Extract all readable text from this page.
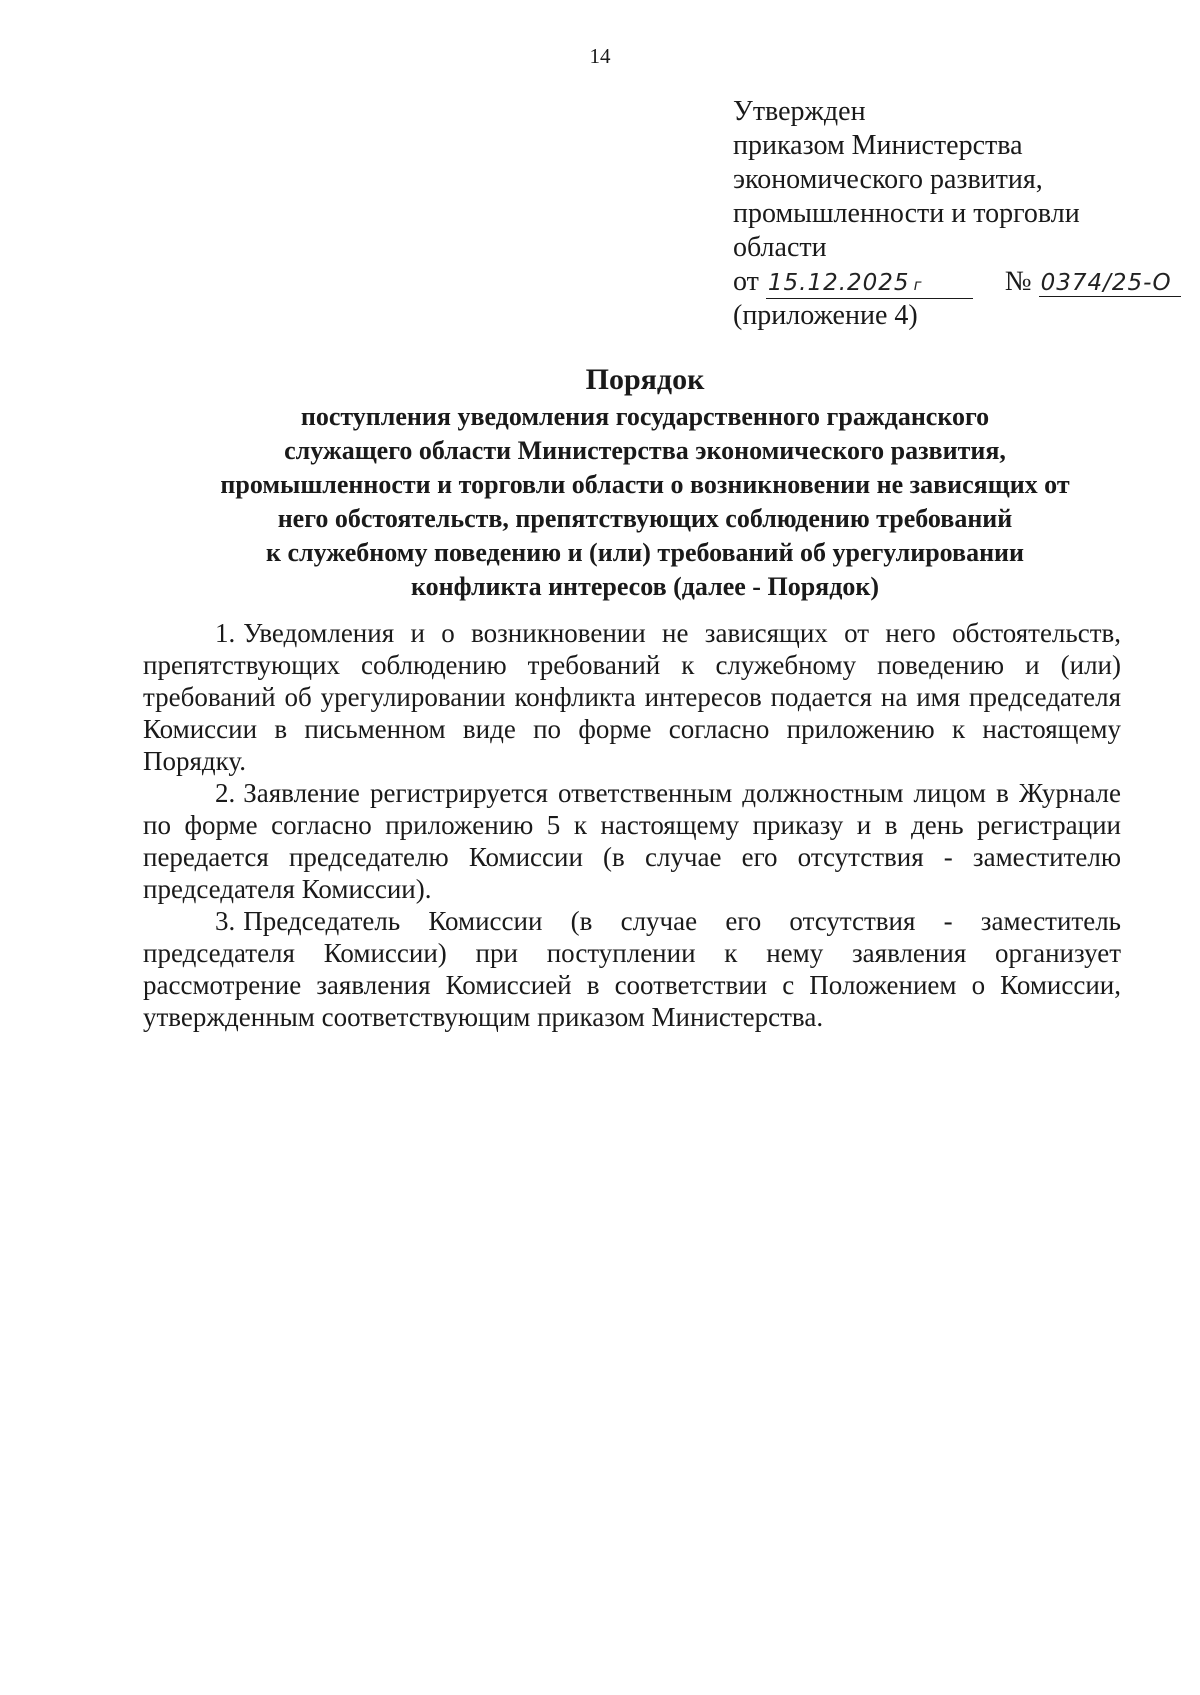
14
Утвержден
приказом Министерства
экономического развития,
промышленности и торговли
области
от 15.12.2025 г	№ 0374/25-О
(приложение 4)
Порядок
поступления уведомления государственного гражданского
служащего области Министерства экономического развития,
промышленности и торговли области о возникновении не зависящих от
него обстоятельств, препятствующих соблюдению требований
к служебному поведению и (или) требований об урегулировании
конфликта интересов (далее - Порядок)

1. Уведомления и о возникновении не зависящих от него обстоятельств, препятствующих соблюдению требований к служебному поведению и (или) требований об урегулировании конфликта интересов подается на имя председателя Комиссии в письменном виде по форме согласно приложению к настоящему Порядку.

2. Заявление регистрируется ответственным должностным лицом в Журнале по форме согласно приложению 5 к настоящему приказу и в день регистрации передается председателю Комиссии (в случае его отсутствия - заместителю председателя Комиссии).

3. Председатель Комиссии (в случае его отсутствия - заместитель председателя Комиссии) при поступлении к нему заявления организует рассмотрение заявления Комиссией в соответствии с Положением о Комиссии, утвержденным соответствующим приказом Министерства.
